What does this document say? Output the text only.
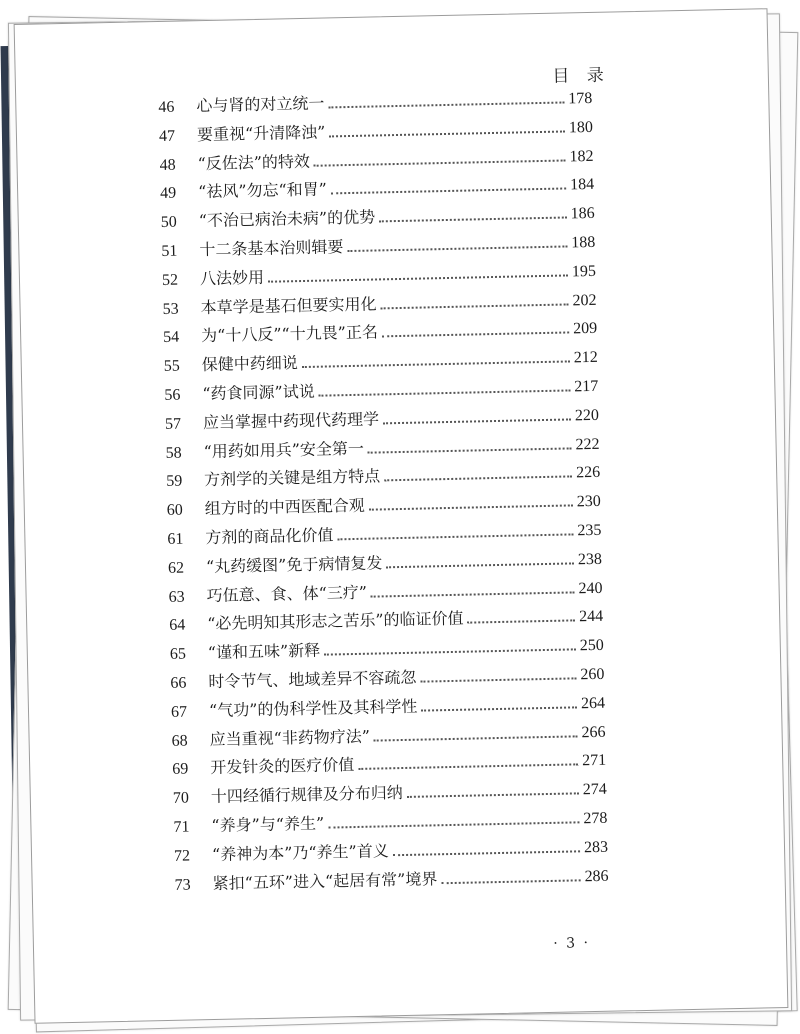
目 录
46	心与肾的对立统一	178
47	要重视“升清降浊”	180
48	“反佐法”的特效	182
49	“祛风”勿忘“和胃”	184
50	“不治已病治未病”的优势	186
51	十二条基本治则辑要	188
52	八法妙用	195
53	本草学是基石但要实用化	202
54	为“十八反”“十九畏”正名	209
55	保健中药细说	212
56	“药食同源”试说	217
57	应当掌握中药现代药理学	220
58	“用药如用兵”安全第一	222
59	方剂学的关键是组方特点	226
60	组方时的中西医配合观	230
61	方剂的商品化价值	235
62	“丸药缓图”免于病情复发	238
63	巧伍意、食、体“三疗”	240
64	“必先明知其形志之苦乐”的临证价值	244
65	“谨和五味”新释	250
66	时令节气、地域差异不容疏忽	260
67	“气功”的伪科学性及其科学性	264
68	应当重视“非药物疗法”	266
69	开发针灸的医疗价值	271
70	十四经循行规律及分布归纳	274
71	“养身”与“养生”	278
72	“养神为本”乃“养生”首义	283
73	紧扣“五环”进入“起居有常”境界	286
· 3 ·
